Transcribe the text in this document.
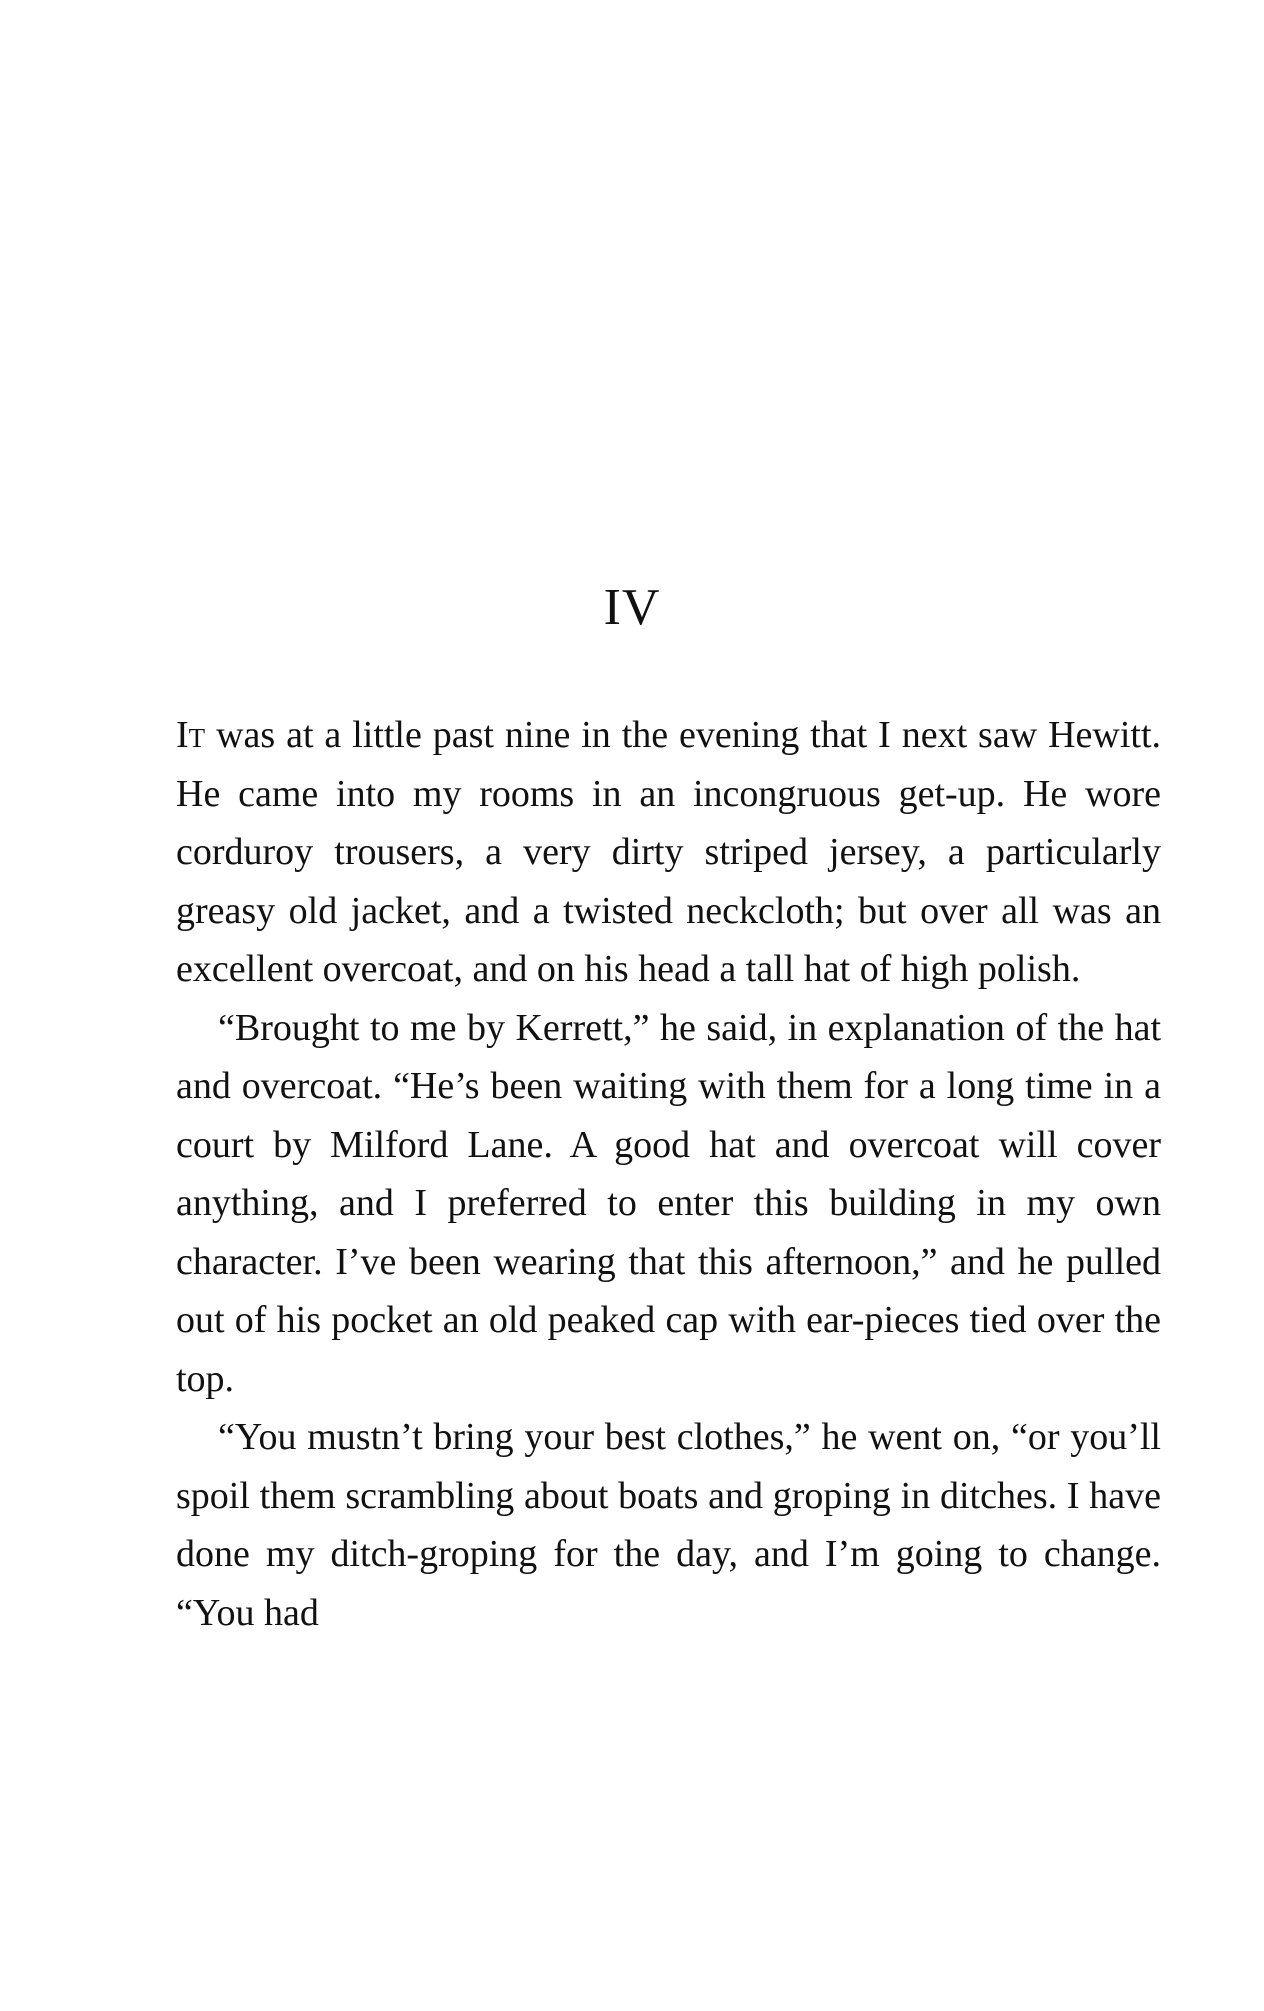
IV

It was at a little past nine in the evening that I next saw Hewitt. He came into my rooms in an incongruous get-up. He wore corduroy trousers, a very dirty striped jersey, a particularly greasy old jacket, and a twisted neckcloth; but over all was an excellent overcoat, and on his head a tall hat of high polish.

“Brought to me by Kerrett,” he said, in explanation of the hat and overcoat. “He’s been waiting with them for a long time in a court by Milford Lane. A good hat and overcoat will cover anything, and I preferred to enter this building in my own character. I’ve been wearing that this afternoon,” and he pulled out of his pocket an old peaked cap with ear-pieces tied over the top.

“You mustn’t bring your best clothes,” he went on, “or you’ll spoil them scrambling about boats and groping in ditches. I have done my ditch-groping for the day, and I’m going to change. “You had
